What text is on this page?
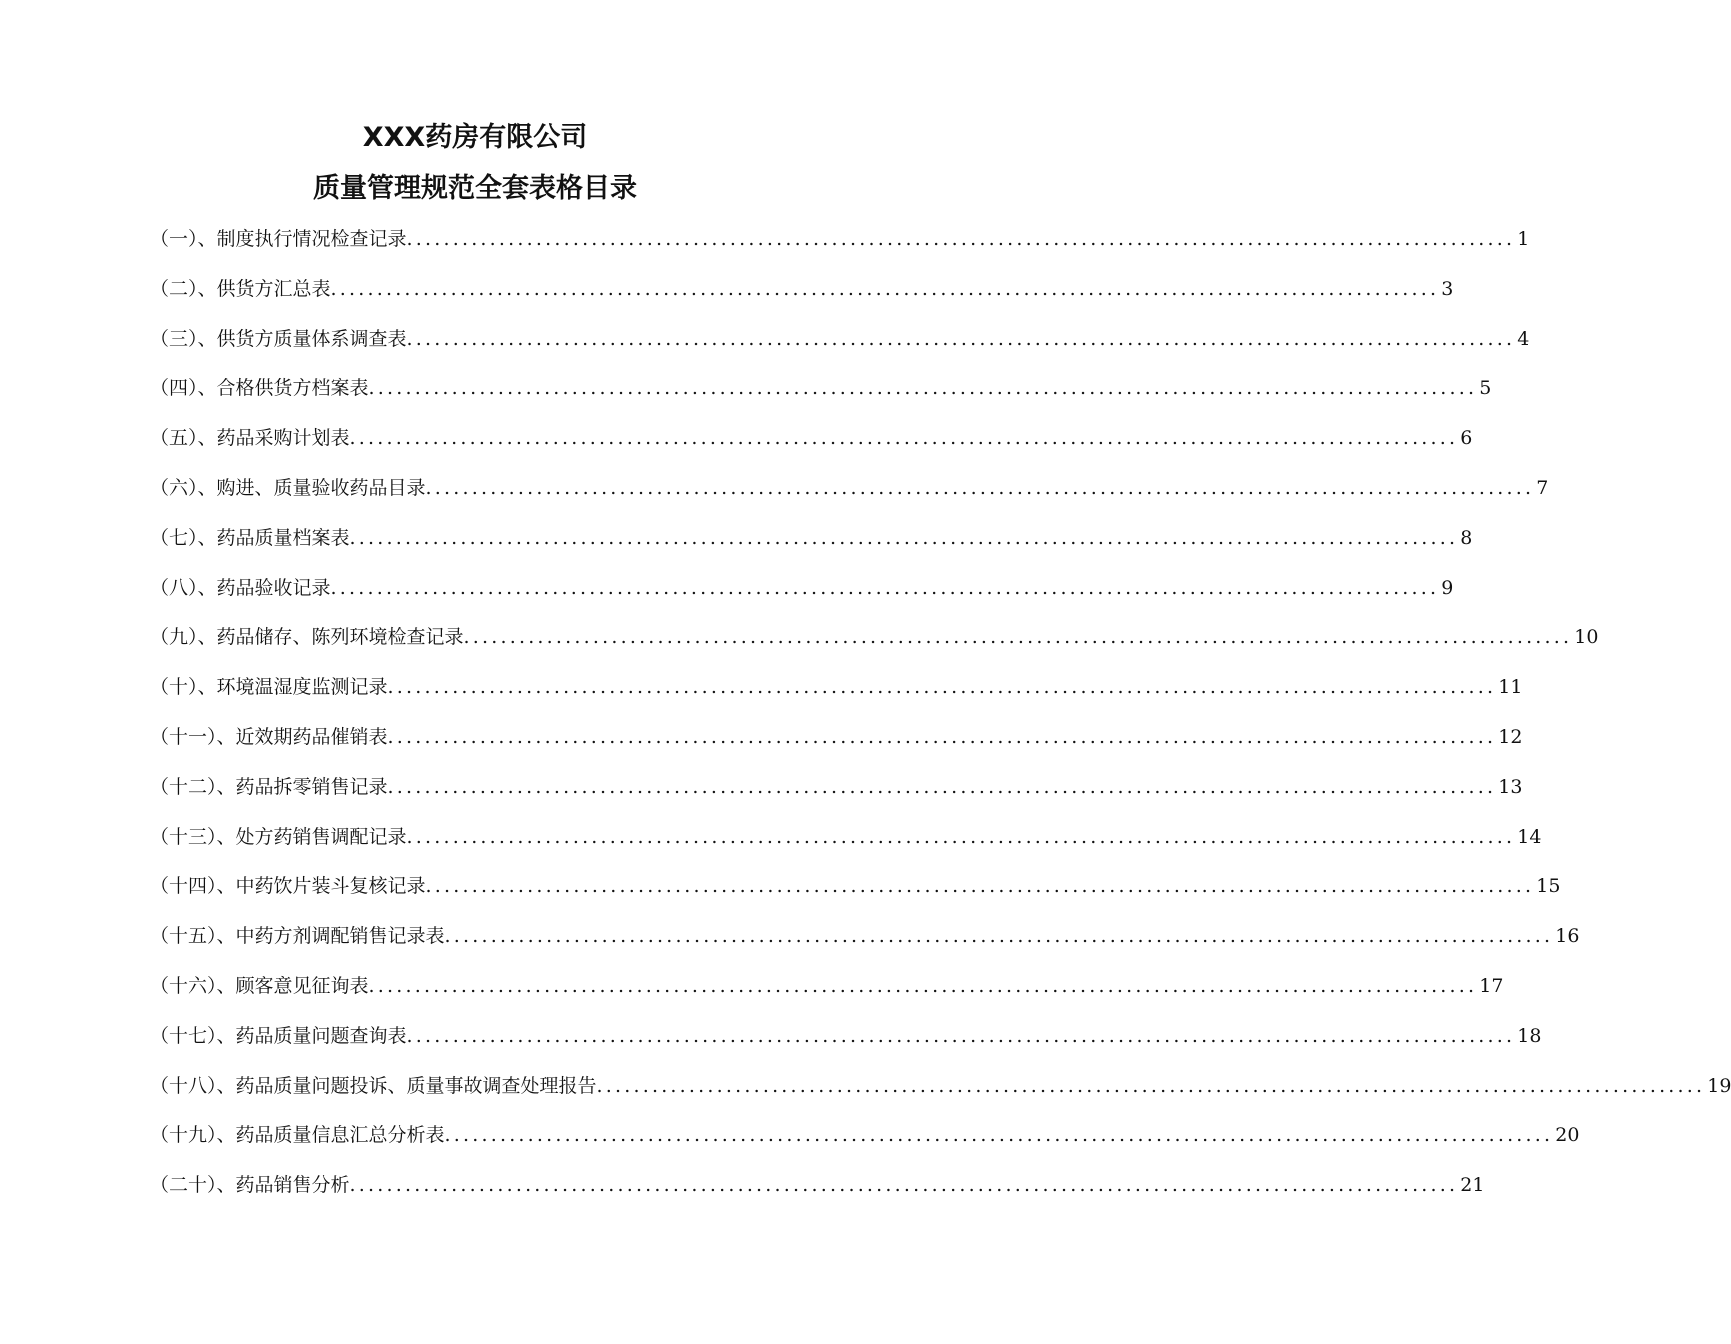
XXX药房有限公司
质量管理规范全套表格目录
（一）、制度执行情况检查记录 ........................................................................................................................ 1
（二）、供货方汇总表 ........................................................................................................................ 3
（三）、供货方质量体系调查表 ........................................................................................................................ 4
（四）、合格供货方档案表 ........................................................................................................................ 5
（五）、药品采购计划表 ........................................................................................................................ 6
（六）、购进、质量验收药品目录 ........................................................................................................................ 7
（七）、药品质量档案表 ........................................................................................................................ 8
（八）、药品验收记录 ........................................................................................................................ 9
（九）、药品储存、陈列环境检查记录 ........................................................................................................................ 10
（十）、环境温湿度监测记录 ........................................................................................................................ 11
（十一）、近效期药品催销表 ........................................................................................................................ 12
（十二）、药品拆零销售记录 ........................................................................................................................ 13
（十三）、处方药销售调配记录 ........................................................................................................................ 14
（十四）、中药饮片装斗复核记录 ........................................................................................................................ 15
（十五）、中药方剂调配销售记录表 ........................................................................................................................ 16
（十六）、顾客意见征询表 ........................................................................................................................ 17
（十七）、药品质量问题查询表 ........................................................................................................................ 18
（十八）、药品质量问题投诉、质量事故调查处理报告 ........................................................................................................................ 19
（十九）、药品质量信息汇总分析表 ........................................................................................................................ 20
（二十）、药品销售分析 ........................................................................................................................ 21
